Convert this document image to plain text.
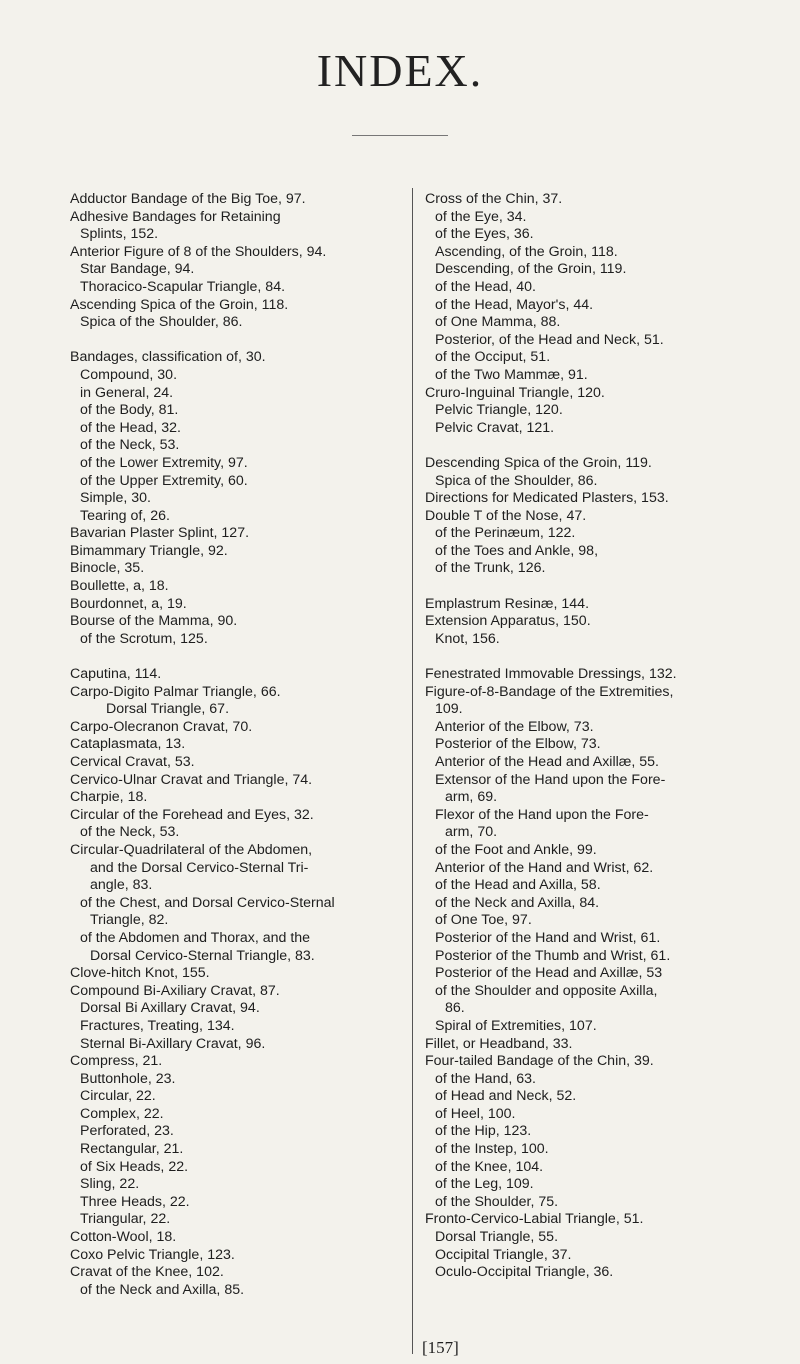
INDEX.
Adductor Bandage of the Big Toe, 97.
Adhesive Bandages for Retaining
Splints, 152.
Anterior Figure of 8 of the Shoulders, 94.
Star Bandage, 94.
Thoracico-Scapular Triangle, 84.
Ascending Spica of the Groin, 118.
Spica of the Shoulder, 86.
Bandages, classification of, 30.
Compound, 30.
in General, 24.
of the Body, 81.
of the Head, 32.
of the Neck, 53.
of the Lower Extremity, 97.
of the Upper Extremity, 60.
Simple, 30.
Tearing of, 26.
Bavarian Plaster Splint, 127.
Bimammary Triangle, 92.
Binocle, 35.
Boullette, a, 18.
Bourdonnet, a, 19.
Bourse of the Mamma, 90.
of the Scrotum, 125.
Caputina, 114.
Carpo-Digito Palmar Triangle, 66.
Dorsal Triangle, 67.
Carpo-Olecranon Cravat, 70.
Cataplasmata, 13.
Cervical Cravat, 53.
Cervico-Ulnar Cravat and Triangle, 74.
Charpie, 18.
Circular of the Forehead and Eyes, 32.
of the Neck, 53.
Circular-Quadrilateral of the Abdomen,
and the Dorsal Cervico-Sternal Tri-
angle, 83.
of the Chest, and Dorsal Cervico-Sternal
Triangle, 82.
of the Abdomen and Thorax, and the
Dorsal Cervico-Sternal Triangle, 83.
Clove-hitch Knot, 155.
Compound Bi-Axiliary Cravat, 87.
Dorsal Bi Axillary Cravat, 94.
Fractures, Treating, 134.
Sternal Bi-Axillary Cravat, 96.
Compress, 21.
Buttonhole, 23.
Circular, 22.
Complex, 22.
Perforated, 23.
Rectangular, 21.
of Six Heads, 22.
Sling, 22.
Three Heads, 22.
Triangular, 22.
Cotton-Wool, 18.
Coxo Pelvic Triangle, 123.
Cravat of the Knee, 102.
of the Neck and Axilla, 85.
Cross of the Chin, 37.
of the Eye, 34.
of the Eyes, 36.
Ascending, of the Groin, 118.
Descending, of the Groin, 119.
of the Head, 40.
of the Head, Mayor's, 44.
of One Mamma, 88.
Posterior, of the Head and Neck, 51.
of the Occiput, 51.
of the Two Mammæ, 91.
Cruro-Inguinal Triangle, 120.
Pelvic Triangle, 120.
Pelvic Cravat, 121.
Descending Spica of the Groin, 119.
Spica of the Shoulder, 86.
Directions for Medicated Plasters, 153.
Double T of the Nose, 47.
of the Perinæum, 122.
of the Toes and Ankle, 98,
of the Trunk, 126.
Emplastrum Resinæ, 144.
Extension Apparatus, 150.
Knot, 156.
Fenestrated Immovable Dressings, 132.
Figure-of-8-Bandage of the Extremities,
109.
Anterior of the Elbow, 73.
Posterior of the Elbow, 73.
Anterior of the Head and Axillæ, 55.
Extensor of the Hand upon the Fore-
arm, 69.
Flexor of the Hand upon the Fore-
arm, 70.
of the Foot and Ankle, 99.
Anterior of the Hand and Wrist, 62.
of the Head and Axilla, 58.
of the Neck and Axilla, 84.
of One Toe, 97.
Posterior of the Hand and Wrist, 61.
Posterior of the Thumb and Wrist, 61.
Posterior of the Head and Axillæ, 53
of the Shoulder and opposite Axilla,
86.
Spiral of Extremities, 107.
Fillet, or Headband, 33.
Four-tailed Bandage of the Chin, 39.
of the Hand, 63.
of Head and Neck, 52.
of Heel, 100.
of the Hip, 123.
of the Instep, 100.
of the Knee, 104.
of the Leg, 109.
of the Shoulder, 75.
Fronto-Cervico-Labial Triangle, 51.
Dorsal Triangle, 55.
Occipital Triangle, 37.
Oculo-Occipital Triangle, 36.
[157]
